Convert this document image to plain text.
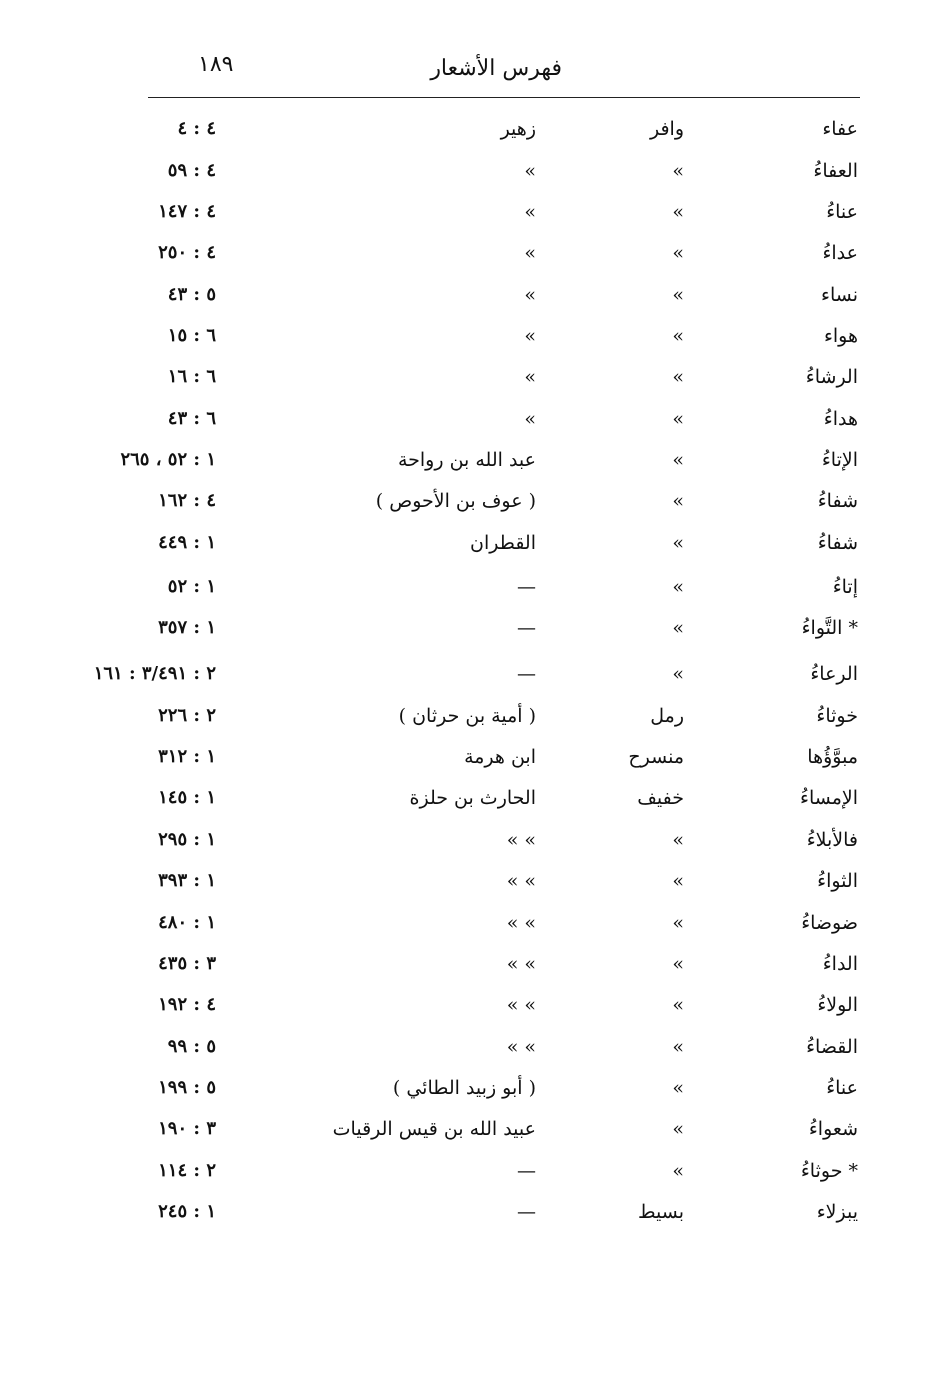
فهرس الأشعار
١٨٩
عفاء
وافر
زهير
٤ : ٤
العفاءُ
»
»
٤ : ٥٩
عناءُ
»
»
٤ : ١٤٧
عداءُ
»
»
٤ : ٢٥٠
نساء
»
»
٥ : ٤٣
هواء
»
»
٦ : ١٥
الرشاءُ
»
»
٦ : ١٦
هداءُ
»
»
٦ : ٤٣
الإتاءُ
»
عبد الله بن رواحة
١ : ٥٢ ، ٢٦٥
شفاءُ
»
( عوف بن الأحوص )
٤ : ١٦٢
شفاءُ
»
القطران
١ : ٤٤٩
إتاءُ
»
—
١ : ٥٢
* التَّواءُ
»
—
١ : ٣٥٧
الرعاءُ
»
—
٢ : ٣/٤٩١ : ١٦١
خوثاءُ
رمل
( أمية بن حرثان )
٢ : ٢٢٦
مبوَّؤُها
منسرح
ابن هرمة
١ : ٣١٢
الإمساءُ
خفيف
الحارث بن حلزة
١ : ١٤٥
فالأبلاءُ
»
» »
١ : ٢٩٥
الثواءُ
»
» »
١ : ٣٩٣
ضوضاءُ
»
» »
١ : ٤٨٠
الداءُ
»
» »
٣ : ٤٣٥
الولاءُ
»
» »
٤ : ١٩٢
القضاءُ
»
» »
٥ : ٩٩
عناءُ
»
( أبو زبيد الطائي )
٥ : ١٩٩
شعواءُ
»
عبيد الله بن قيس الرقيات
٣ : ١٩٠
* حوثاءُ
»
—
٢ : ١١٤
يبزلاء
بسيط
—
١ : ٢٤٥
